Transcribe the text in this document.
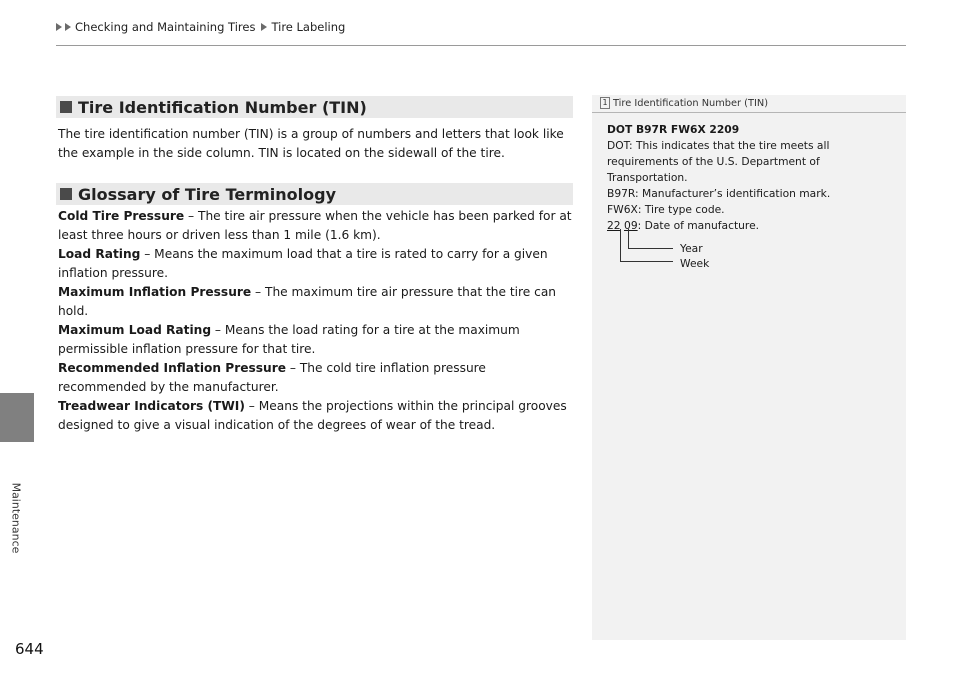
Checking and Maintaining Tires Tire Labeling
Maintenance
644
Tire Identification Number (TIN)
The tire identification number (TIN) is a group of numbers and letters that look like the example in the side column. TIN is located on the sidewall of the tire.
Glossary of Tire Terminology
Cold Tire Pressure – The tire air pressure when the vehicle has been parked for at least three hours or driven less than 1 mile (1.6 km).
Load Rating – Means the maximum load that a tire is rated to carry for a given inflation pressure.
Maximum Inflation Pressure – The maximum tire air pressure that the tire can hold.
Maximum Load Rating – Means the load rating for a tire at the maximum permissible inflation pressure for that tire.
Recommended Inflation Pressure – The cold tire inflation pressure recommended by the manufacturer.
Treadwear Indicators (TWI) – Means the projections within the principal grooves designed to give a visual indication of the degrees of wear of the tread.
1 Tire Identification Number (TIN)
DOT B97R FW6X 2209
DOT: This indicates that the tire meets all requirements of the U.S. Department of Transportation.
B97R: Manufacturer’s identification mark.
FW6X: Tire type code.
22 09: Date of manufacture.
Year
Week
